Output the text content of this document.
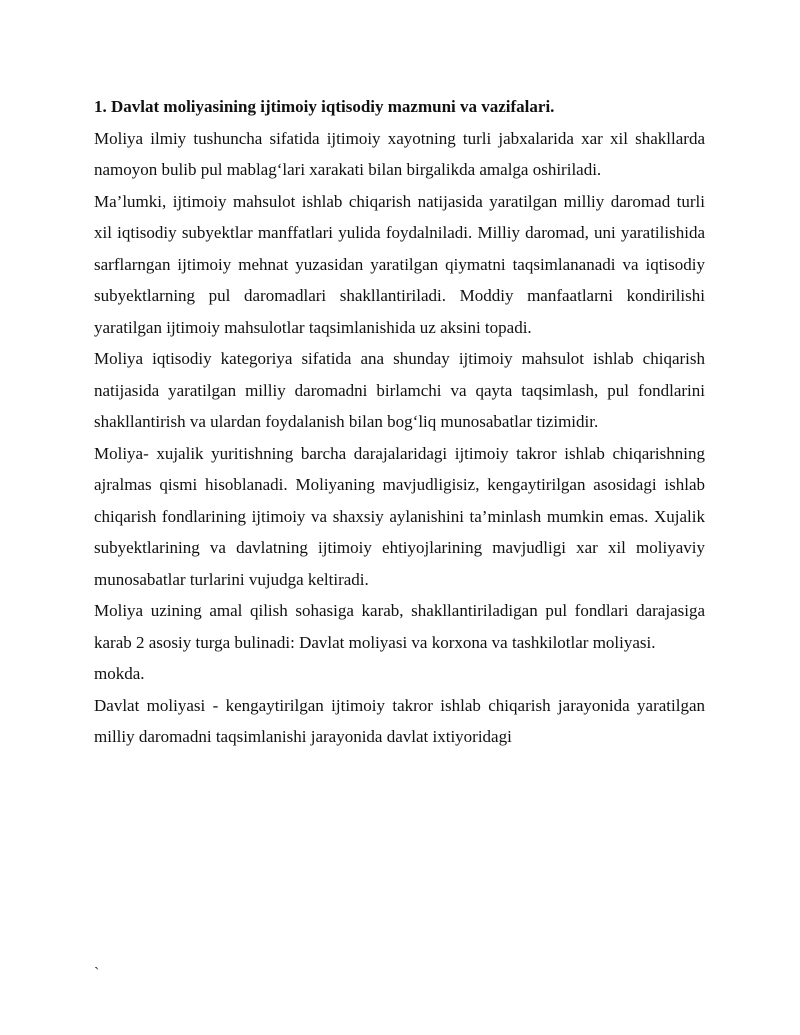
1. Davlat moliyasining ijtimoiy iqtisodiy mazmuni va vazifalari.

Moliya ilmiy tushuncha sifatida ijtimoiy xayotning turli jabxalarida xar xil shakllarda namoyon bulib pul mablag‘lari xarakati bilan birgalikda amalga oshiriladi.

Ma’lumki, ijtimoiy mahsulot ishlab chiqarish natijasida yaratilgan milliy daromad turli xil iqtisodiy subyektlar manffatlari yulida foydalniladi. Milliy daromad, uni yaratilishida sarflarngan ijtimoiy mehnat yuzasidan yaratilgan qiymatni taqsimlananadi va iqtisodiy subyektlarning pul daromadlari shakllantiriladi. Moddiy manfaatlarni kondirilishi yaratilgan ijtimoiy mahsulotlar taqsimlanishida uz aksini topadi.

Moliya iqtisodiy kategoriya sifatida ana shunday ijtimoiy mahsulot ishlab chiqarish natijasida yaratilgan milliy daromadni birlamchi va qayta taqsimlash, pul fondlarini shakllantirish va ulardan foydalanish bilan bog‘liq munosabatlar tizimidir.

Moliya- xujalik yuritishning barcha darajalaridagi ijtimoiy takror ishlab chiqarishning ajralmas qismi hisoblanadi. Moliyaning mavjudligisiz, kengaytirilgan asosidagi ishlab chiqarish fondlarining ijtimoiy va shaxsiy aylanishini ta’minlash mumkin emas. Xujalik subyektlarining va davlatning ijtimoiy ehtiyojlarining mavjudligi xar xil moliyaviy munosabatlar turlarini vujudga keltiradi.

Moliya uzining amal qilish sohasiga karab, shakllantiriladigan pul fondlari darajasiga karab 2 asosiy turga bulinadi: Davlat moliyasi va korxona va tashkilotlar moliyasi.

mokda.

Davlat moliyasi - kengaytirilgan ijtimoiy takror ishlab chiqarish jarayonida yaratilgan milliy daromadni taqsimlanishi jarayonida davlat ixtiyoridagi

`
